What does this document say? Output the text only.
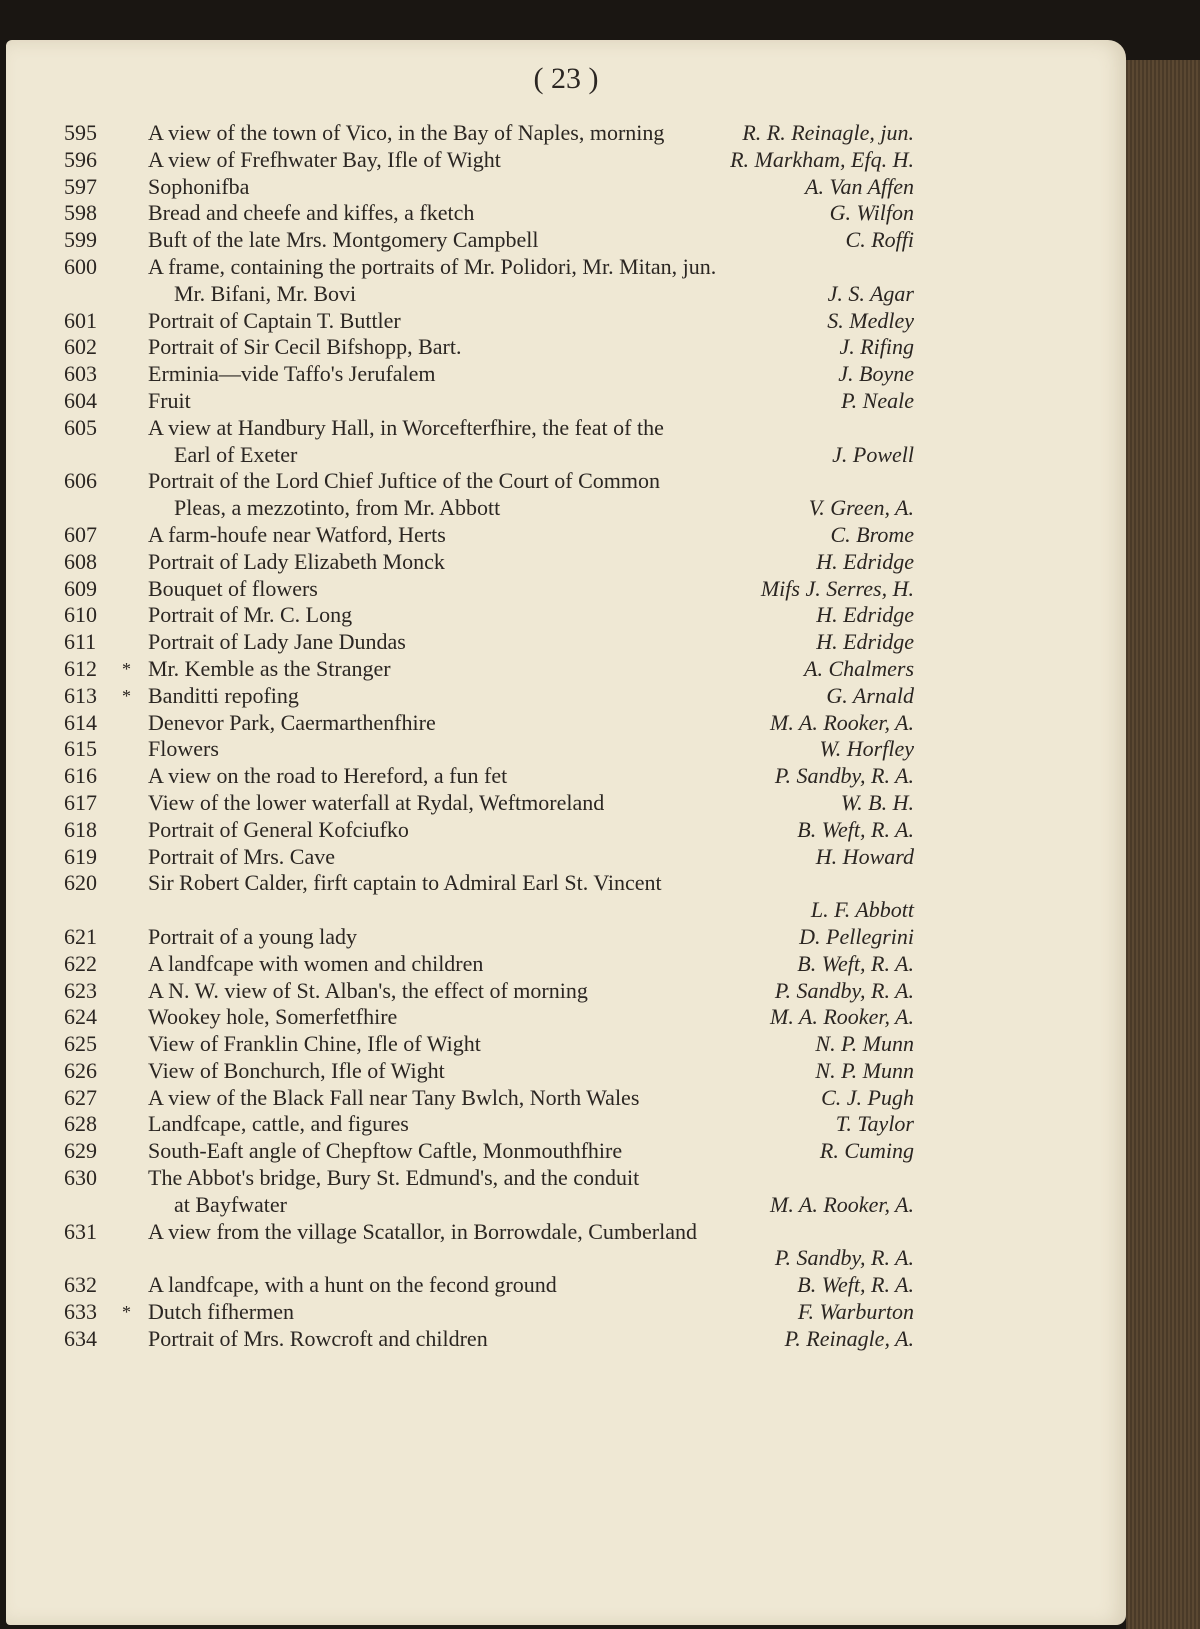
( 23 )
595	A view of the town of Vico, in the Bay of Naples, morning	R. R. Reinagle, jun.
596	A view of Frefhwater Bay, Ifle of Wight	R. Markham, Efq. H.
597	Sophonifba	A. Van Affen
598	Bread and cheefe and kiffes, a fketch	G. Wilfon
599	Buft of the late Mrs. Montgomery Campbell	C. Roffi
600	A frame, containing the portraits of Mr. Polidori, Mr. Mitan, jun.
Mr. Bifani, Mr. Bovi	J. S. Agar
601	Portrait of Captain T. Buttler	S. Medley
602	Portrait of Sir Cecil Bifshopp, Bart.	J. Rifing
603	Erminia—vide Taffo's Jerufalem	J. Boyne
604	Fruit	P. Neale
605	A view at Handbury Hall, in Worcefterfhire, the feat of the
Earl of Exeter	J. Powell
606	Portrait of the Lord Chief Juftice of the Court of Common
Pleas, a mezzotinto, from Mr. Abbott	V. Green, A.
607	A farm-houfe near Watford, Herts	C. Brome
608	Portrait of Lady Elizabeth Monck	H. Edridge
609	Bouquet of flowers	Mifs J. Serres, H.
610	Portrait of Mr. C. Long	H. Edridge
611	Portrait of Lady Jane Dundas	H. Edridge
612	* Mr. Kemble as the Stranger	A. Chalmers
613	* Banditti repofing	G. Arnald
614	Denevor Park, Caermarthenfhire	M. A. Rooker, A.
615	Flowers	W. Horfley
616	A view on the road to Hereford, a fun fet	P. Sandby, R. A.
617	View of the lower waterfall at Rydal, Weftmoreland	W. B. H.
618	Portrait of General Kofciufko	B. Weft, R. A.
619	Portrait of Mrs. Cave	H. Howard
620	Sir Robert Calder, firft captain to Admiral Earl St. Vincent
L. F. Abbott
621	Portrait of a young lady	D. Pellegrini
622	A landfcape with women and children	B. Weft, R. A.
623	A N. W. view of St. Alban's, the effect of morning	P. Sandby, R. A.
624	Wookey hole, Somerfetfhire	M. A. Rooker, A.
625	View of Franklin Chine, Ifle of Wight	N. P. Munn
626	View of Bonchurch, Ifle of Wight	N. P. Munn
627	A view of the Black Fall near Tany Bwlch, North Wales	C. J. Pugh
628	Landfcape, cattle, and figures	T. Taylor
629	South-Eaft angle of Chepftow Caftle, Monmouthfhire	R. Cuming
630	The Abbot's bridge, Bury St. Edmund's, and the conduit
at Bayfwater	M. A. Rooker, A.
631	A view from the village Scatallor, in Borrowdale, Cumberland
P. Sandby, R. A.
632	A landfcape, with a hunt on the fecond ground	B. Weft, R. A.
633	* Dutch fifhermen	F. Warburton
634	Portrait of Mrs. Rowcroft and children	P. Reinagle, A.
